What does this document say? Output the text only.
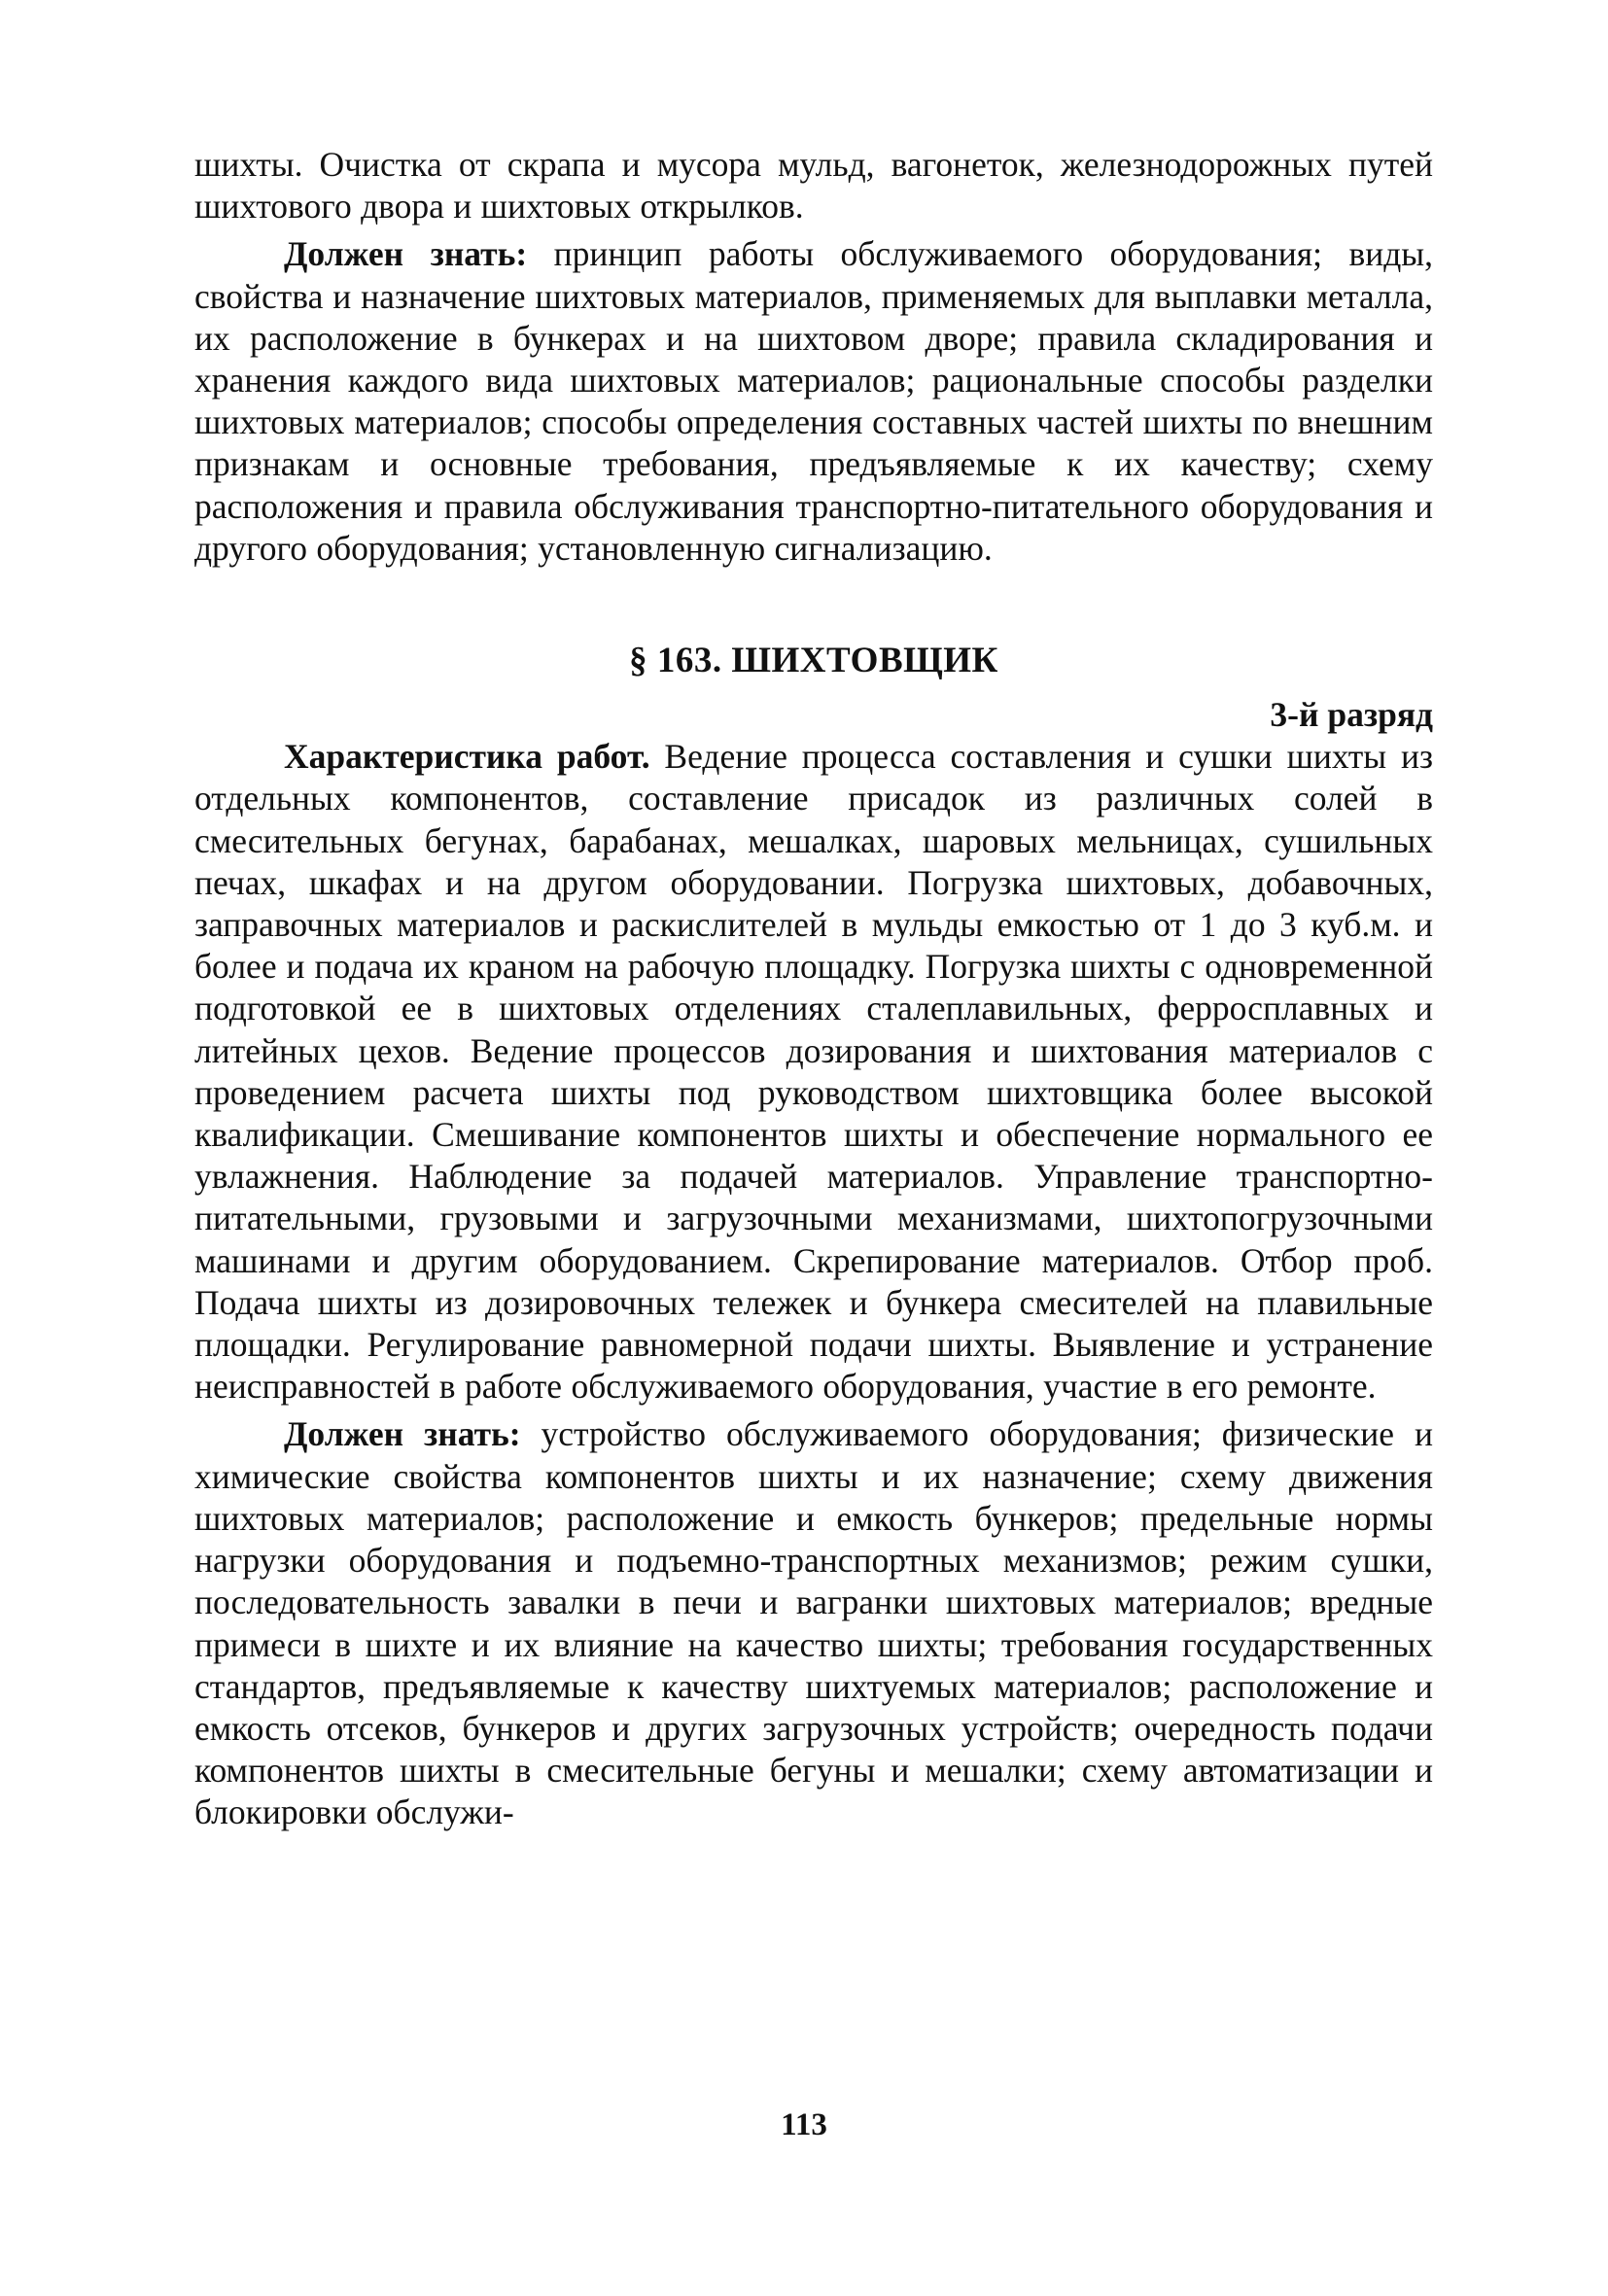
шихты. Очистка от скрапа и мусора мульд, вагонеток, железнодорожных путей шихтового двора и шихтовых открылков.

Должен знать: принцип работы обслуживаемого оборудования; виды, свойства и назначение шихтовых материалов, применяемых для выплавки металла, их расположение в бункерах и на шихтовом дворе; правила складирования и хранения каждого вида шихтовых материалов; рациональные способы разделки шихтовых материалов; способы определения составных частей шихты по внешним признакам и основные требования, предъявляемые к их качеству; схему расположения и правила обслуживания транспортно-питательного оборудования и другого оборудования; установленную сигнализацию.

§ 163. ШИХТОВЩИК
3-й разряд

Характеристика работ. Ведение процесса составления и сушки шихты из отдельных компонентов, составление присадок из различных солей в смесительных бегунах, барабанах, мешалках, шаровых мельницах, сушильных печах, шкафах и на другом оборудовании. Погрузка шихтовых, добавочных, заправочных материалов и раскислителей в мульды емкостью от 1 до 3 куб.м. и более и подача их краном на рабочую площадку. Погрузка шихты с одновременной подготовкой ее в шихтовых отделениях сталеплавильных, ферросплавных и литейных цехов. Ведение процессов дозирования и шихтования материалов с проведением расчета шихты под руководством шихтовщика более высокой квалификации. Смешивание компонентов шихты и обеспечение нормального ее увлажнения. Наблюдение за подачей материалов. Управление транспортно-питательными, грузовыми и загрузочными механизмами, шихтопогрузочными машинами и другим оборудованием. Скрепирование материалов. Отбор проб. Подача шихты из дозировочных тележек и бункера смесителей на плавильные площадки. Регулирование равномерной подачи шихты. Выявление и устранение неисправностей в работе обслуживаемого оборудования, участие в его ремонте.

Должен знать: устройство обслуживаемого оборудования; физические и химические свойства компонентов шихты и их назначение; схему движения шихтовых материалов; расположение и емкость бункеров; предельные нормы нагрузки оборудования и подъемно-транспортных механизмов; режим сушки, последовательность завалки в печи и вагранки шихтовых материалов; вредные примеси в шихте и их влияние на качество шихты; требования государственных стандартов, предъявляемые к качеству шихтуемых материалов; расположение и емкость отсеков, бункеров и других загрузочных устройств; очередность подачи компонентов шихты в смесительные бегуны и мешалки; схему автоматизации и блокировки обслужи-

113
